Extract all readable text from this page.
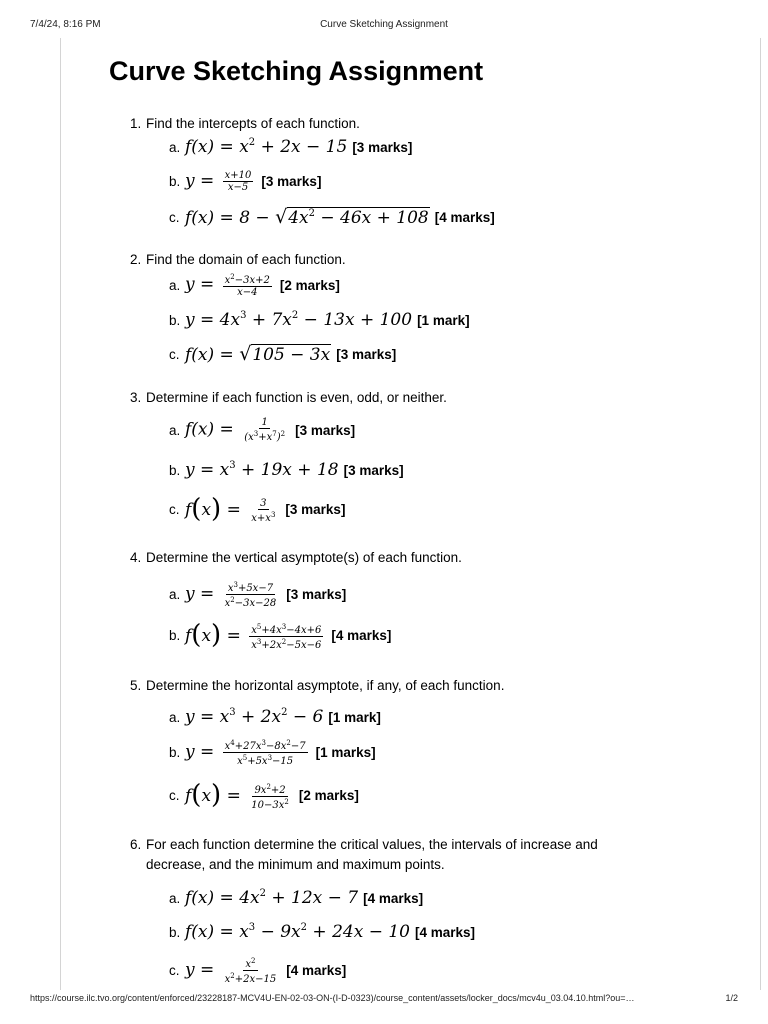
7/4/24, 8:16 PM	Curve Sketching Assignment
Curve Sketching Assignment
1. Find the intercepts of each function.
a. $f(x) = x^2 + 2x - 15$ [3 marks]
b. $y = \frac{x+10}{x-5} [3$ marks]
c. f(x) = 8 − √ $4x^2 - 46x + 108$ [4 marks]
2. Find the domain of each function.
a. $y = \frac{x^2-3x+2}{x-4} [2$ marks]
b. $y = 4x^3 + 7x^2 - 13x + 100$ [1 mark]
c. f(x) = √ 105 − 3x [3 marks]
3. Determine if each function is even, odd, or neither.
a. $f(x) = \frac{1}{(x^3+x^7)^2} [3$ marks]
b. $y = x^3 + 19x + 18$ [3 marks]
c. $f(x) = \frac{3}{x+x^3} [3$ marks]
4. Determine the vertical asymptote(s) of each function.
a. $y = \frac{x^3+5x-7}{x^2-3x-28} [3$ marks]
b. $f(x) = \frac{x^5+4x^3-4x+6}{x^3+2x^2-5x-6} [4$ marks]
5. Determine the horizontal asymptote, if any, of each function.
a. $y = x^3 + 2x^2 - 6$ [1 mark]
b. $y = \frac{x^4+27x^3-8x^2-7}{x^5+5x^3-15} [1$ marks]
c. $f(x) = \frac{9x^2+2}{10-3x^2} [2$ marks]
6. For each function determine the critical values, the intervals of increase and decrease, and the minimum and maximum points.
a. $f(x) = 4x^2 + 12x - 7$ [4 marks]
b. $f(x) = x^3 - 9x^2 + 24x - 10$ [4 marks]
c. $y = \frac{x^2}{x^2+2x-15} [4$ marks]
https://course.ilc.tvo.org/content/enforced/23228187-MCV4U-EN-02-03-ON-(I-D-0323)/course_content/assets/locker_docs/mcv4u_03.04.10.html?ou=…	1/2
